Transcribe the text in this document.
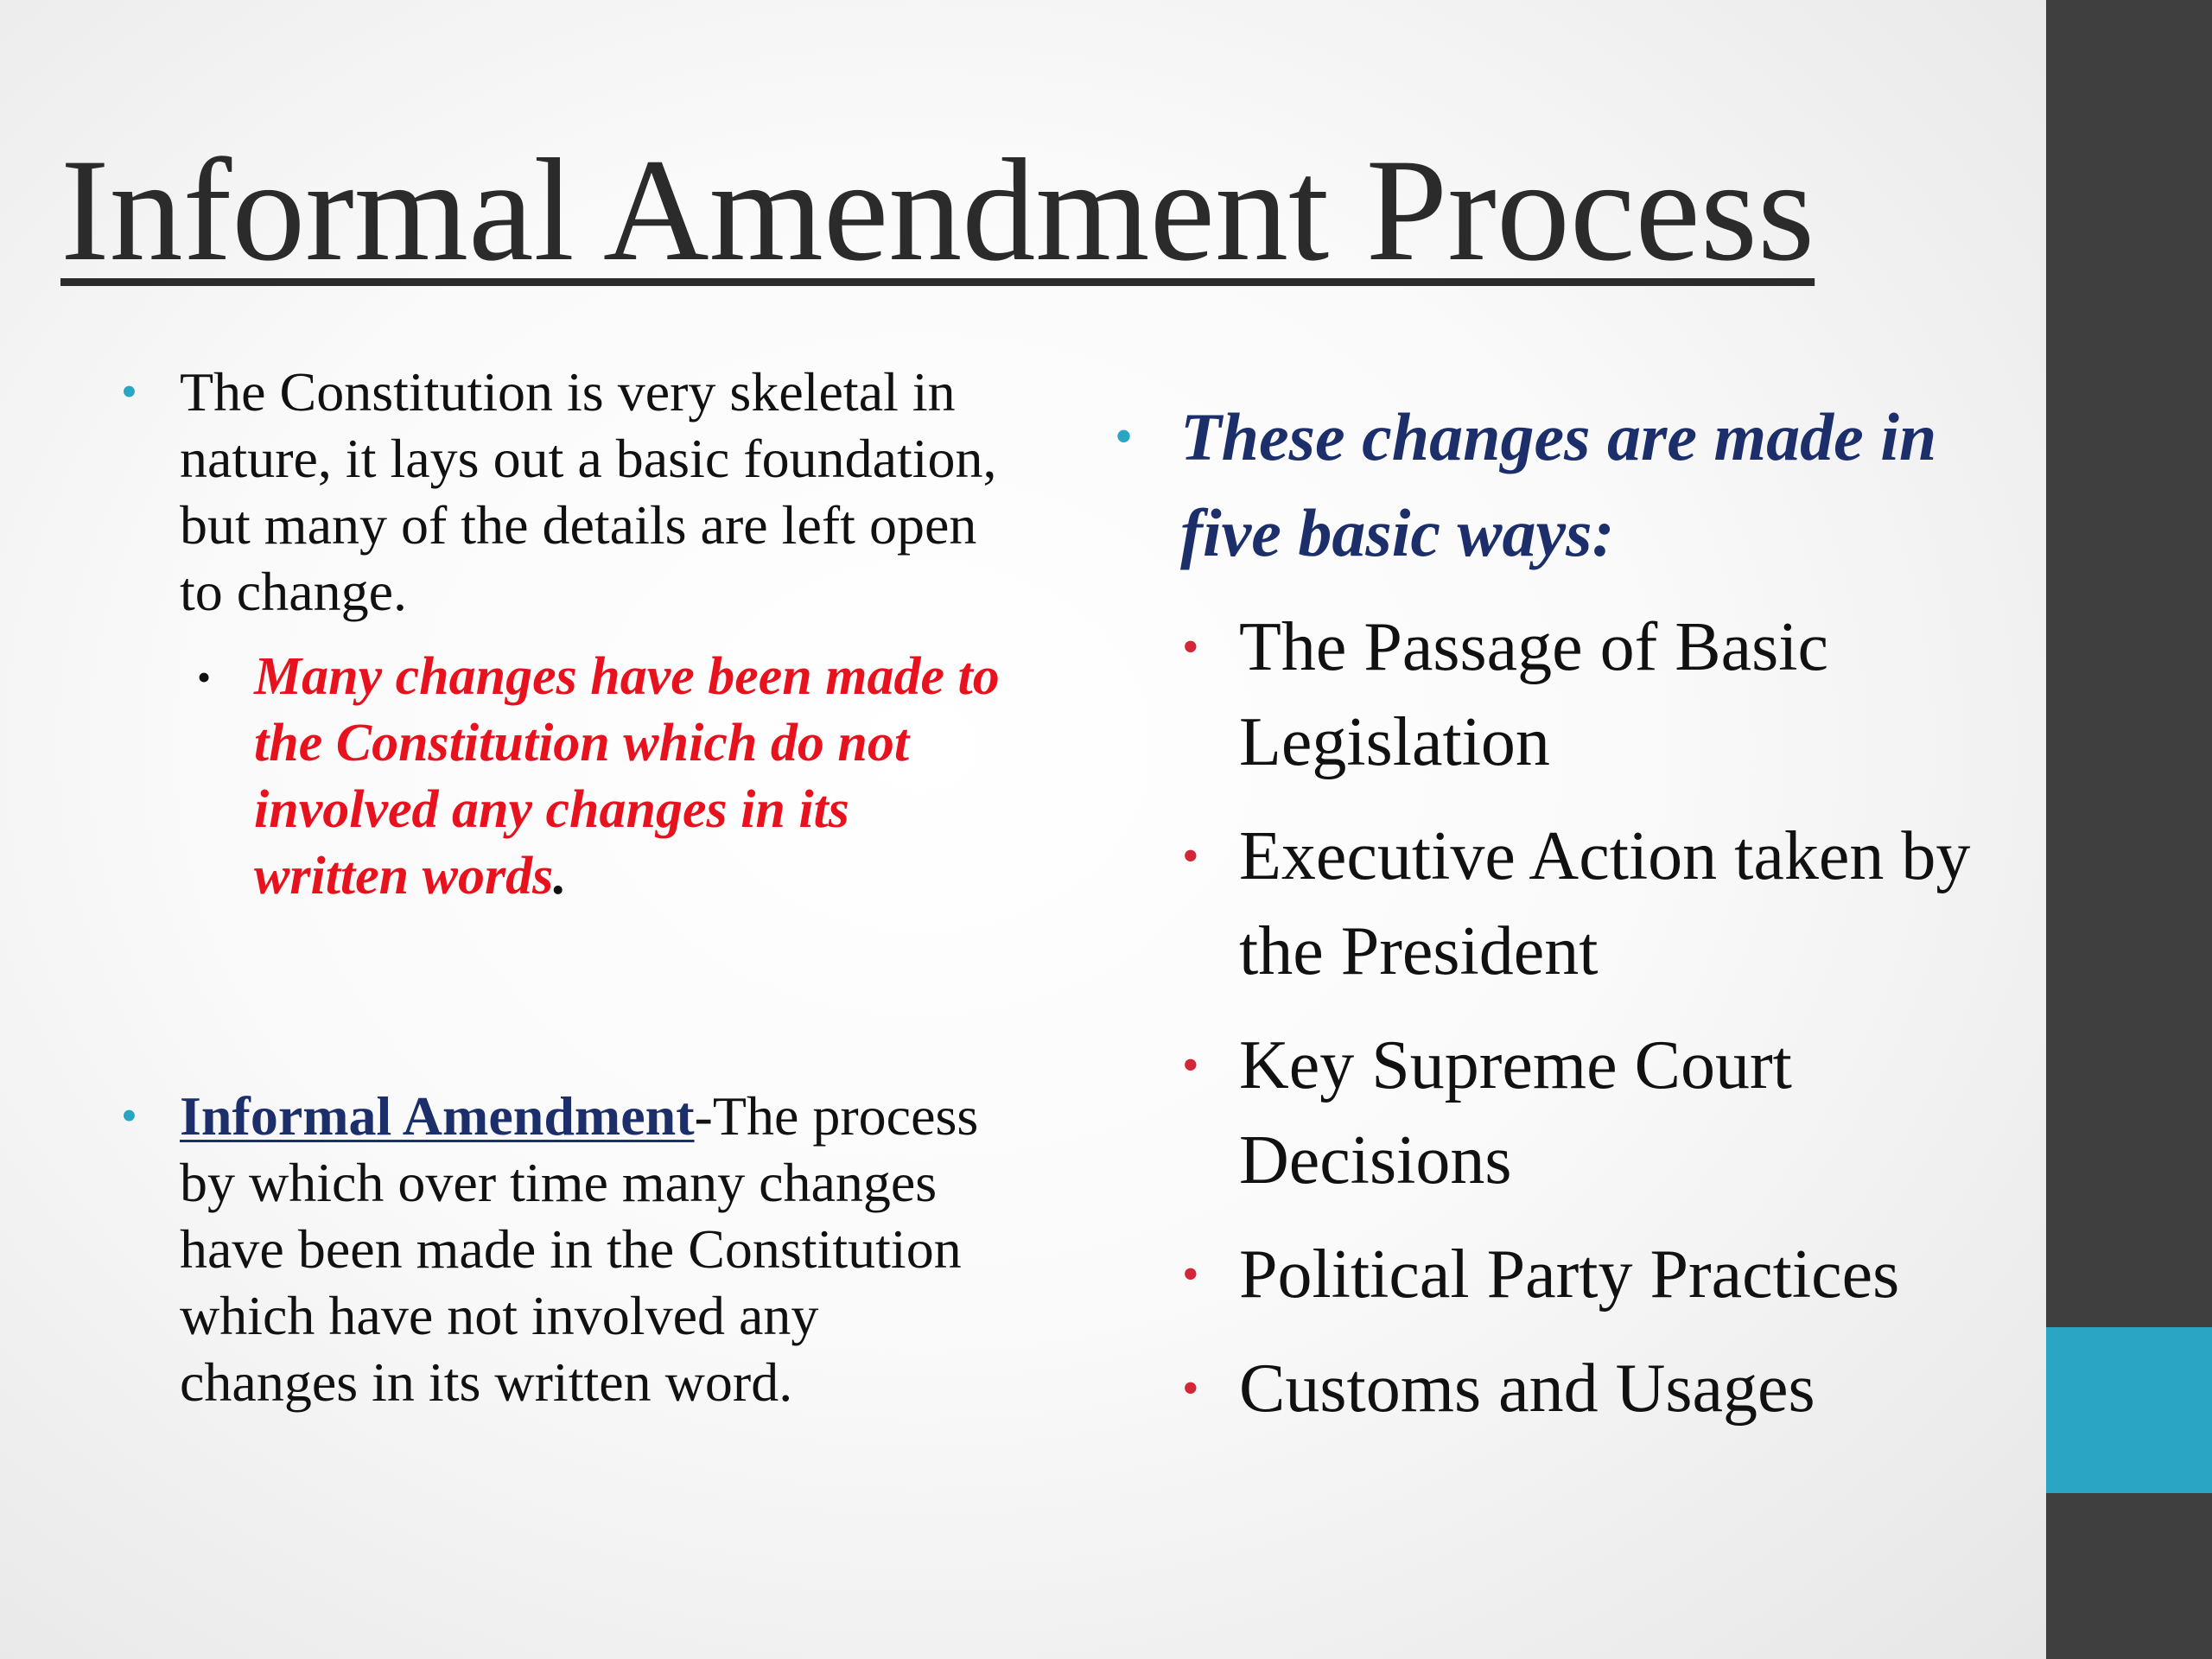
Informal Amendment Process
• The Constitution is very skeletal in nature, it lays out a basic foundation, but many of the details are left open to change.
• Many changes have been made to the Constitution which do not involved any changes in its written words.
• Informal Amendment-The process by which over time many changes have been made in the Constitution which have not involved any changes in its written word.
• These changes are made in five basic ways:
• The Passage of Basic Legislation
• Executive Action taken by the President
• Key Supreme Court Decisions
• Political Party Practices
• Customs and Usages
